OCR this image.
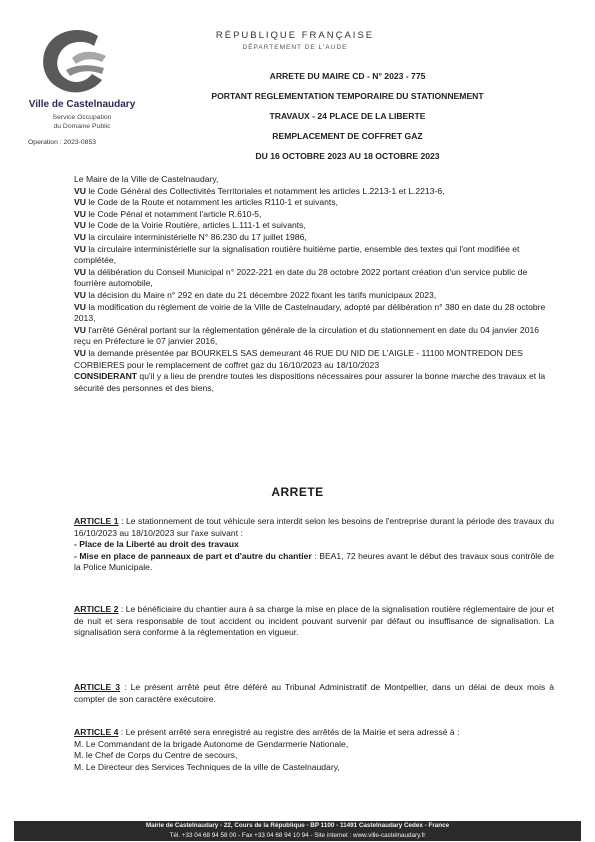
Ville de Castelnaudary
Service Occupation
du Domaine Public
Operation : 2023-0853
RÉPUBLIQUE FRANÇAISE
DÉPARTEMENT DE L'AUDE
ARRETE DU MAIRE CD - N° 2023 - 775
PORTANT REGLEMENTATION TEMPORAIRE DU STATIONNEMENT
TRAVAUX - 24 PLACE DE LA LIBERTE
REMPLACEMENT DE COFFRET GAZ
DU 16 OCTOBRE 2023 AU 18 OCTOBRE 2023

Le Maire de la Ville de Castelnaudary,

VU le Code Général des Collectivités Territoriales et notamment les articles L.2213-1 et L.2213-6,

VU le Code de la Route et notamment les articles R110-1 et suivants,

VU le Code Pénal et notamment l'article R.610-5,

VU le Code de la Voirie Routière, articles L.111-1 et suivants,

VU la circulaire interministérielle N° 86.230 du 17 juillet 1986,

VU la circulaire interministérielle sur la signalisation routière huitième partie, ensemble des textes qui l'ont modifiée et complétée,

VU la délibération du Conseil Municipal n° 2022-221 en date du 28 octobre 2022 portant création d'un service public de fourrière automobile,

VU la décision du Maire n° 292 en date du 21 décembre 2022 fixant les tarifs municipaux 2023,

VU la modification du règlement de voirie de la Ville de Castelnaudary, adopté par délibération n° 380 en date du 28 octobre 2013,

VU l'arrêté Général portant sur la réglementation générale de la circulation et du stationnement en date du 04 janvier 2016 reçu en Préfecture le 07 janvier 2016,

VU la demande présentée par BOURKELS SAS demeurant 46 RUE DU NID DE L'AIGLE - 11100 MONTREDON DES CORBIERES pour le remplacement de coffret gaz du 16/10/2023 au 18/10/2023

CONSIDERANT qu'il y a lieu de prendre toutes les dispositions nécessaires pour assurer la bonne marche des travaux et la sécurité des personnes et des biens,

ARRETE

ARTICLE 1 : Le stationnement de tout véhicule sera interdit selon les besoins de l'entreprise durant la période des travaux du 16/10/2023 au 18/10/2023 sur l'axe suivant :

- Place de la Liberté au droit des travaux

- Mise en place de panneaux de part et d'autre du chantier : BEA1, 72 heures avant le début des travaux sous contrôle de la Police Municipale.

ARTICLE 2 : Le bénéficiaire du chantier aura à sa charge la mise en place de la signalisation routière réglementaire de jour et de nuit et sera responsable de tout accident ou incident pouvant survenir par défaut ou insuffisance de signalisation. La signalisation sera conforme à la réglementation en vigueur.

ARTICLE 3 : Le présent arrêté peut être déféré au Tribunal Administratif de Montpellier, dans un délai de deux mois à compter de son caractère exécutoire.

ARTICLE 4 : Le présent arrêté sera enregistré au registre des arrêtés de la Mairie et sera adressé à :

M. Le Commandant de la brigade Autonome de Gendarmerie Nationale,

M. le Chef de Corps du Centre de secours,

M. Le Directeur des Services Techniques de la ville de Castelnaudary,

Mairie de Castelnaudary - 22, Cours de la République - BP 1100 - 11491 Castelnaudary Cedex - France
Tél. +33 04 68 94 58 00 - Fax +33 04 68 94 10 94 - Site internet : www.ville-castelnaudary.fr
